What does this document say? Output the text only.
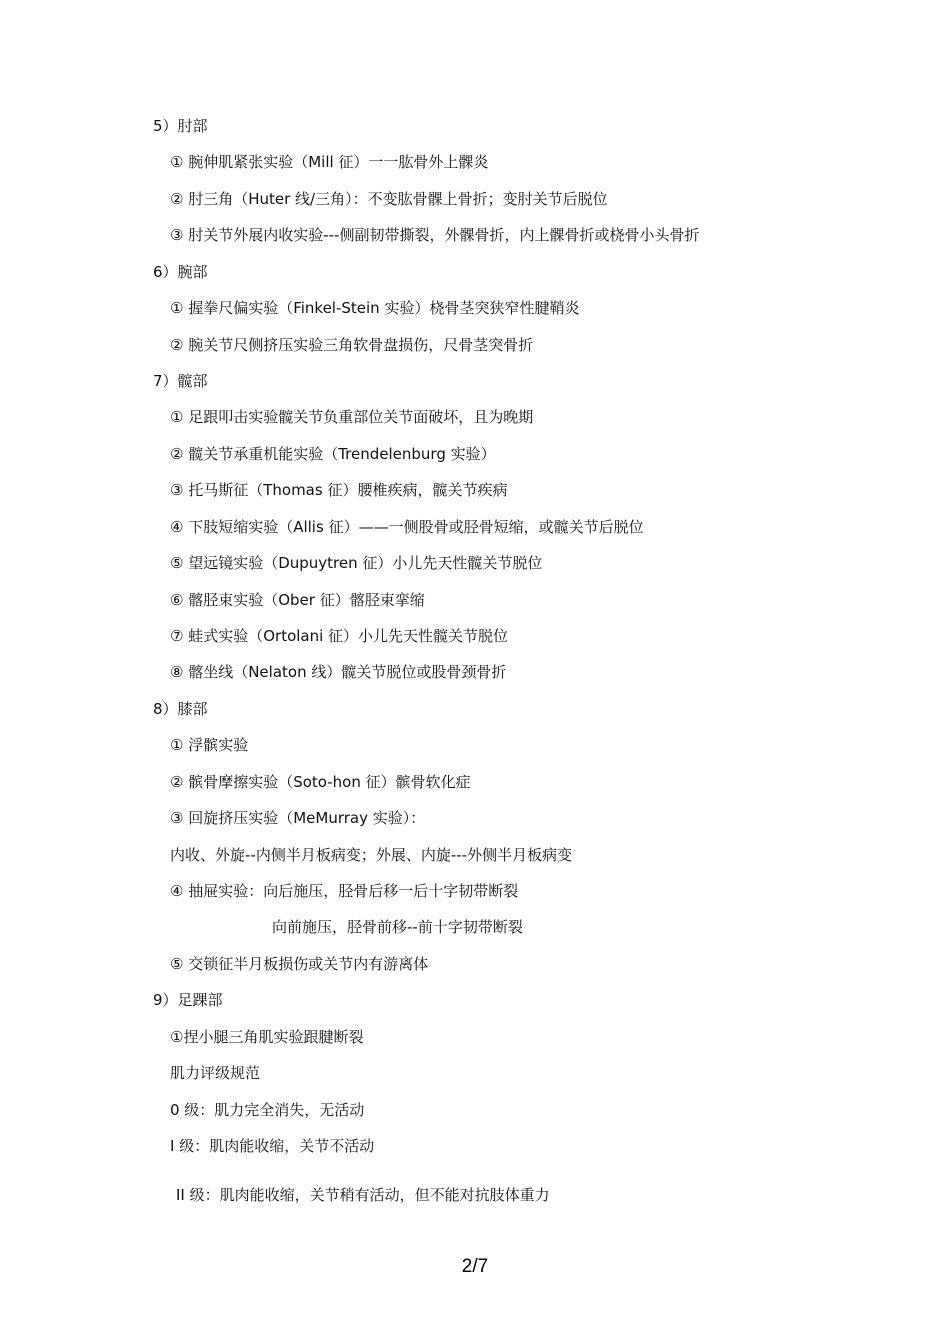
5）肘部
① 腕伸肌紧张实验（Mill 征）一一肱骨外上髁炎
② 肘三角（Huter 线/三角）：不变肱骨髁上骨折；变肘关节后脱位
③ 肘关节外展内收实验---侧副韧带撕裂，外髁骨折，内上髁骨折或桡骨小头骨折
6）腕部
① 握拳尺偏实验（Finkel-Stein 实验）桡骨茎突狭窄性腱鞘炎
② 腕关节尺侧挤压实验三角软骨盘损伤，尺骨茎突骨折
7）髋部
① 足跟叩击实验髋关节负重部位关节面破坏，且为晚期
② 髋关节承重机能实验（Trendelenburg 实验）
③ 托马斯征（Thomas 征）腰椎疾病，髋关节疾病
④ 下肢短缩实验（Allis 征）——一侧股骨或胫骨短缩，或髋关节后脱位
⑤ 望远镜实验（Dupuytren 征）小儿先天性髋关节脱位
⑥ 髂胫束实验（Ober 征）髂胫束挛缩
⑦ 蛙式实验（Ortolani 征）小儿先天性髋关节脱位
⑧ 髂坐线（Nelaton 线）髋关节脱位或股骨颈骨折
8）膝部
① 浮髌实验
② 髌骨摩擦实验（Soto-hon 征）髌骨软化症
③ 回旋挤压实验（MeMurray 实验）：
内收、外旋--内侧半月板病变；外展、内旋---外侧半月板病变
④ 抽屉实验：向后施压，胫骨后移一后十字韧带断裂
向前施压，胫骨前移--前十字韧带断裂
⑤ 交锁征半月板损伤或关节内有游离体
9）足踝部
①捏小腿三角肌实验跟腱断裂
肌力评级规范
0 级：肌力完全消失，无活动
I 级：肌肉能收缩，关节不活动
II 级：肌肉能收缩，关节稍有活动，但不能对抗肢体重力
2/7
